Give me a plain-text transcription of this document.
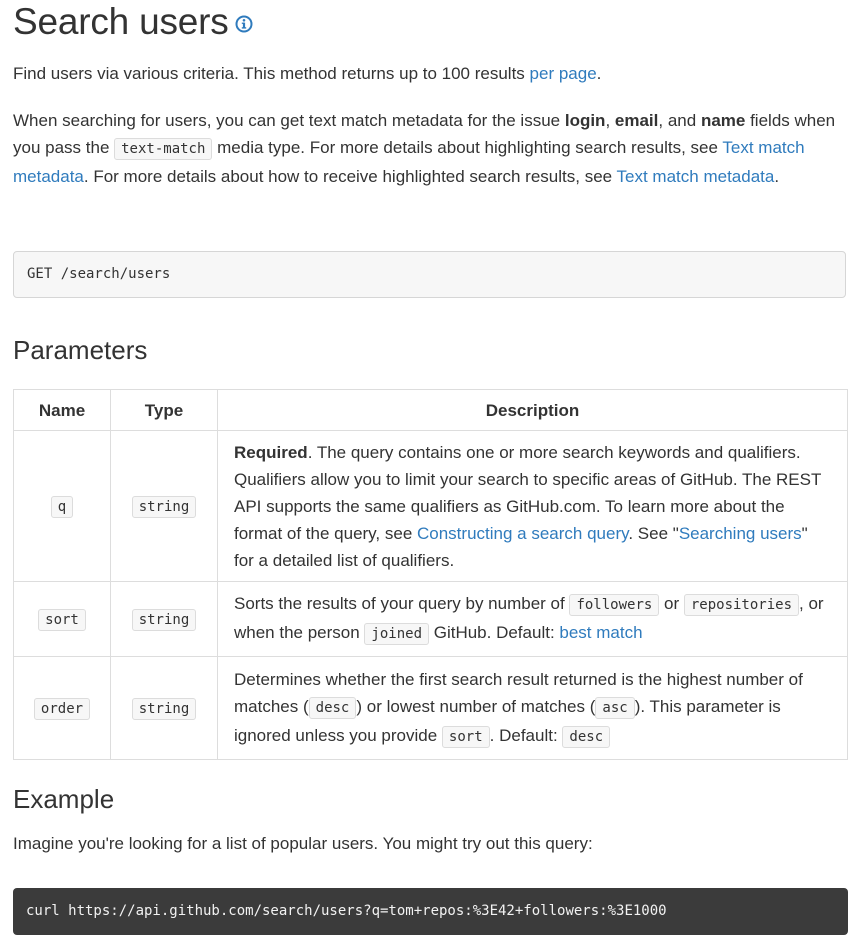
Search users

Find users via various criteria. This method returns up to 100 results per page.

When searching for users, you can get text match metadata for the issue login, email, and name fields when you pass the text-match media type. For more details about highlighting search results, see Text match metadata. For more details about how to receive highlighted search results, see Text match metadata.

GET /search/users
Parameters
Name	Type	Description
q	string	Required. The query contains one or more search keywords and qualifiers. Qualifiers allow you to limit your search to specific areas of GitHub. The REST API supports the same qualifiers as GitHub.com. To learn more about the format of the query, see Constructing a search query. See "Searching users" for a detailed list of qualifiers.
sort	string	Sorts the results of your query by number of followers or repositories , or when the person joined GitHub. Default: best match
order	string	Determines whether the first search result returned is the highest number of matches ( desc ) or lowest number of matches ( asc ). This parameter is ignored unless you provide sort . Default: desc
Example

Imagine you're looking for a list of popular users. You might try out this query:

curl https://api.github.com/search/users?q=tom+repos:%3E42+followers:%3E1000
